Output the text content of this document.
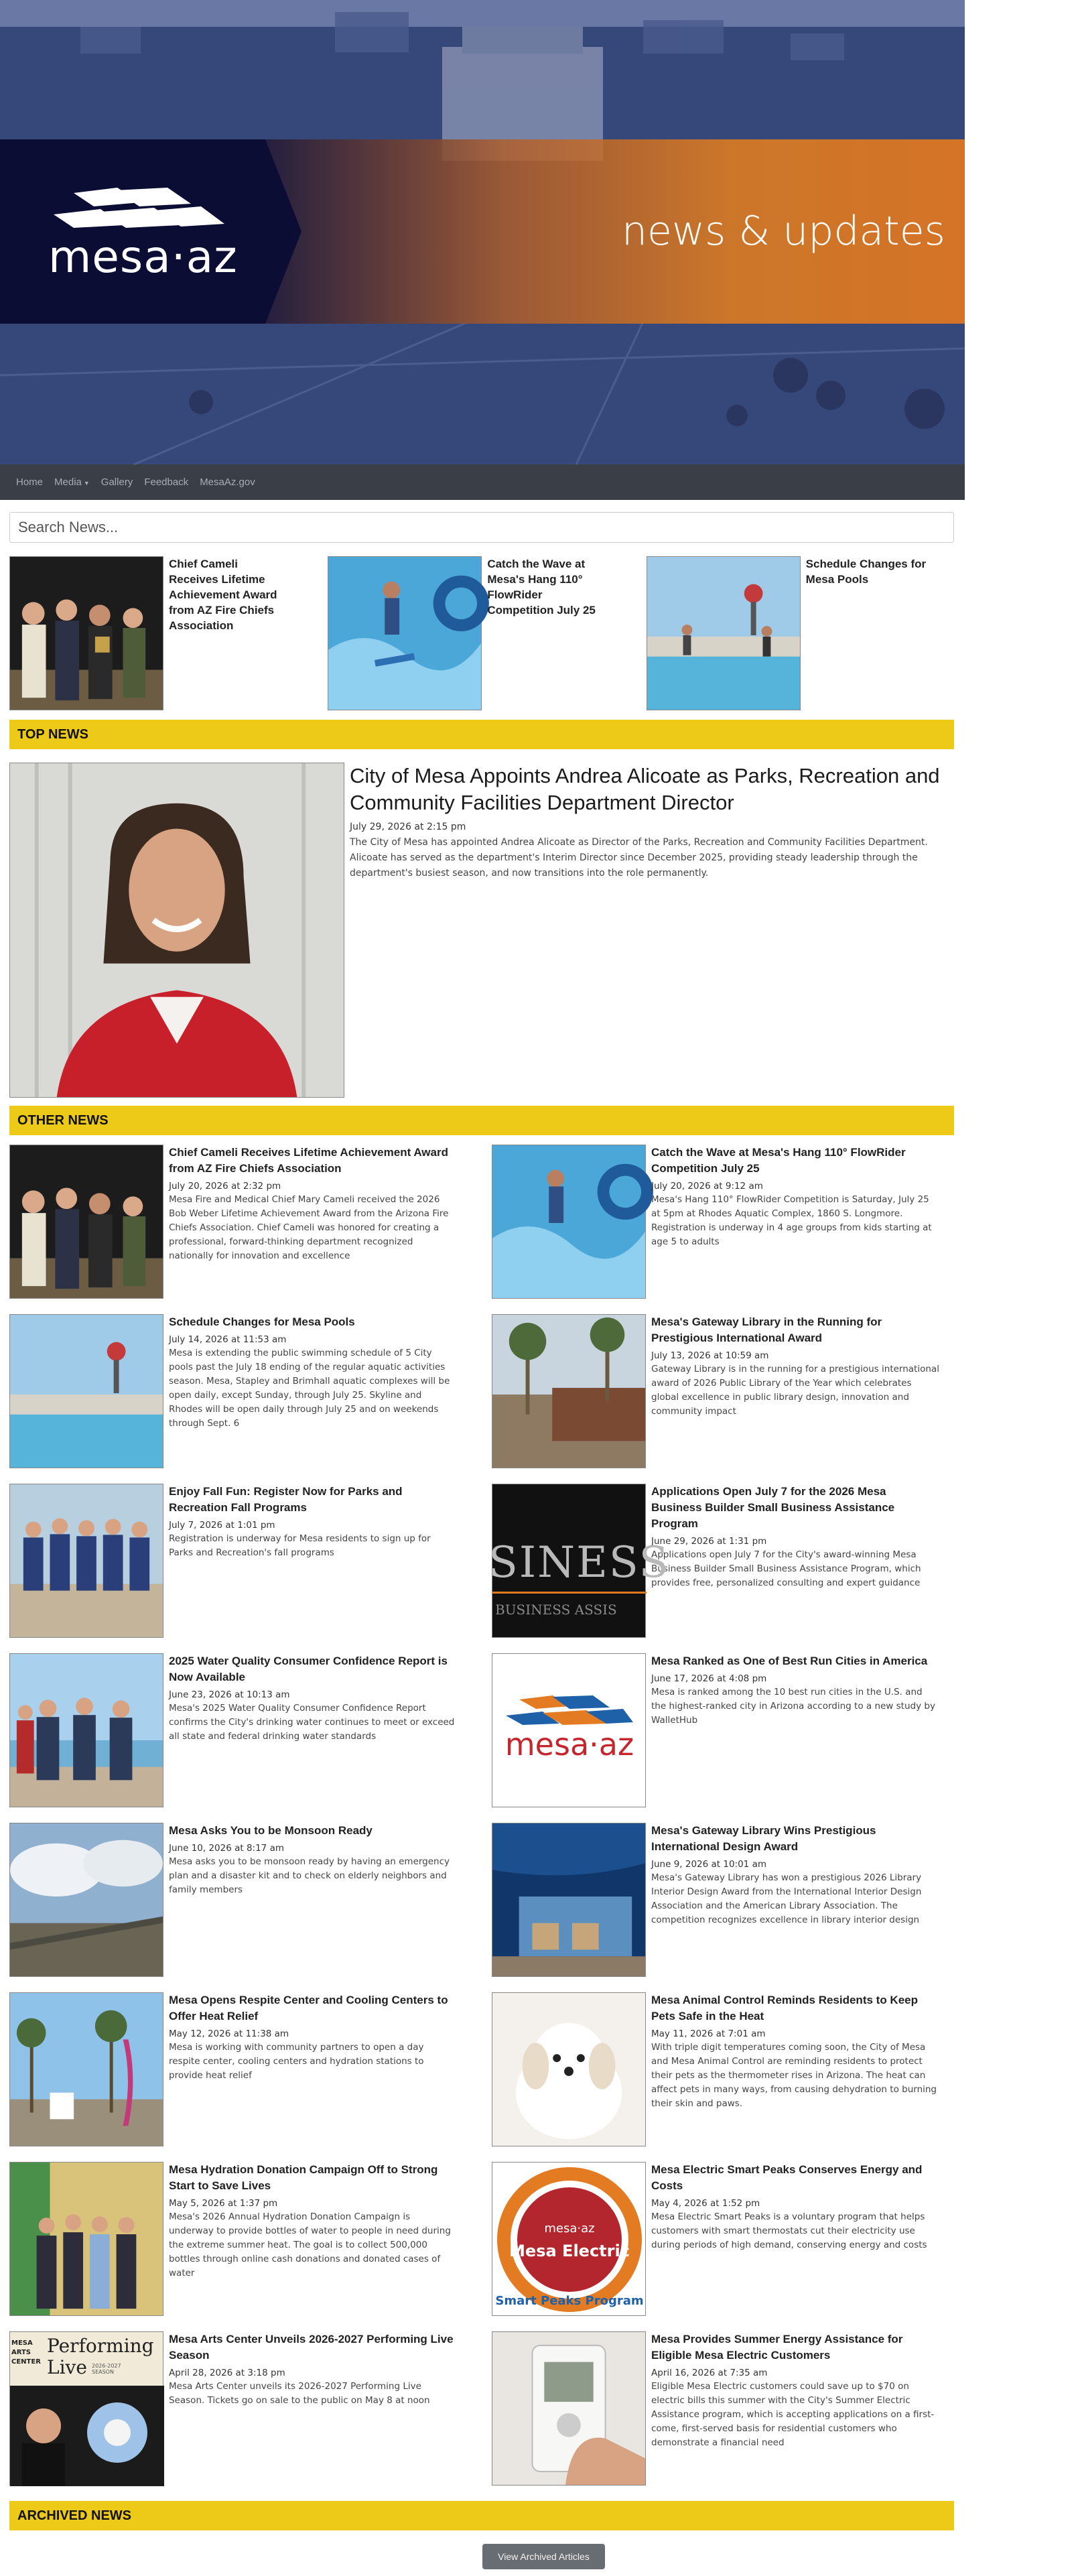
mesa·az	news & updates
Home Media ▼ Gallery Feedback MesaAz.gov
Search News...
Chief Cameli Receives Lifetime Achievement Award from AZ Fire Chiefs Association
Catch the Wave at Mesa's Hang 110° FlowRider Competition July 25
Schedule Changes for Mesa Pools
TOP NEWS
City of Mesa Appoints Andrea Alicoate as Parks, Recreation and Community Facilities Department Director
July 29, 2026 at 2:15 pm
The City of Mesa has appointed Andrea Alicoate as Director of the Parks, Recreation and Community Facilities Department. Alicoate has served as the department's Interim Director since December 2025, providing steady leadership through the department's busiest season, and now transitions into the role permanently.
OTHER NEWS
Chief Cameli Receives Lifetime Achievement Award from AZ Fire Chiefs Association
July 20, 2026 at 2:32 pm
Mesa Fire and Medical Chief Mary Cameli received the 2026 Bob Weber Lifetime Achievement Award from the Arizona Fire Chiefs Association. Chief Cameli was honored for creating a professional, forward-thinking department recognized nationally for innovation and excellence
Catch the Wave at Mesa's Hang 110° FlowRider Competition July 25
July 20, 2026 at 9:12 am
Mesa's Hang 110° FlowRider Competition is Saturday, July 25 at 5pm at Rhodes Aquatic Complex, 1860 S. Longmore. Registration is underway in 4 age groups from kids starting at age 5 to adults
Schedule Changes for Mesa Pools
July 14, 2026 at 11:53 am
Mesa is extending the public swimming schedule of 5 City pools past the July 18 ending of the regular aquatic activities season. Mesa, Stapley and Brimhall aquatic complexes will be open daily, except Sunday, through July 25. Skyline and Rhodes will be open daily through July 25 and on weekends through Sept. 6
Mesa's Gateway Library in the Running for Prestigious International Award
July 13, 2026 at 10:59 am
Gateway Library is in the running for a prestigious international award of 2026 Public Library of the Year which celebrates global excellence in public library design, innovation and community impact
Enjoy Fall Fun: Register Now for Parks and Recreation Fall Programs
July 7, 2026 at 1:01 pm
Registration is underway for Mesa residents to sign up for Parks and Recreation's fall programs	SINESS
BUSINESS ASSIS
Applications Open July 7 for the 2026 Mesa Business Builder Small Business Assistance Program
June 29, 2026 at 1:31 pm
Applications open July 7 for the City's award-winning Mesa Business Builder Small Business Assistance Program, which provides free, personalized consulting and expert guidance
2025 Water Quality Consumer Confidence Report is Now Available
June 23, 2026 at 10:13 am
Mesa's 2025 Water Quality Consumer Confidence Report confirms the City's drinking water continues to meet or exceed all state and federal drinking water standards	mesa·az
Mesa Ranked as One of Best Run Cities in America
June 17, 2026 at 4:08 pm
Mesa is ranked among the 10 best run cities in the U.S. and the highest-ranked city in Arizona according to a new study by WalletHub
Mesa Asks You to be Monsoon Ready
June 10, 2026 at 8:17 am
Mesa asks you to be monsoon ready by having an emergency plan and a disaster kit and to check on elderly neighbors and family members
Mesa's Gateway Library Wins Prestigious International Design Award
June 9, 2026 at 10:01 am
Mesa's Gateway Library has won a prestigious 2026 Library Interior Design Award from the International Interior Design Association and the American Library Association. The competition recognizes excellence in library interior design
Mesa Opens Respite Center and Cooling Centers to Offer Heat Relief
May 12, 2026 at 11:38 am
Mesa is working with community partners to open a day respite center, cooling centers and hydration stations to provide heat relief
Mesa Animal Control Reminds Residents to Keep Pets Safe in the Heat
May 11, 2026 at 7:01 am
With triple digit temperatures coming soon, the City of Mesa and Mesa Animal Control are reminding residents to protect their pets as the thermometer rises in Arizona. The heat can affect pets in many ways, from causing dehydration to burning their skin and paws.
Mesa Hydration Donation Campaign Off to Strong Start to Save Lives
May 5, 2026 at 1:37 pm
Mesa's 2026 Annual Hydration Donation Campaign is underway to provide bottles of water to people in need during the extreme summer heat. The goal is to collect 500,000 bottles through online cash donations and donated cases of water
mesa·az
Mesa Electric
Smart Peaks Program
Mesa Electric Smart Peaks Conserves Energy and Costs
May 4, 2026 at 1:52 pm
Mesa Electric Smart Peaks is a voluntary program that helps customers with smart thermostats cut their electricity use during periods of high demand, conserving energy and costs
MESA ARTS CENTER
Performing
Live 2026-2027 SEASON
Mesa Arts Center Unveils 2026-2027 Performing Live Season
April 28, 2026 at 3:18 pm
Mesa Arts Center unveils its 2026-2027 Performing Live Season. Tickets go on sale to the public on May 8 at noon
Mesa Provides Summer Energy Assistance for Eligible Mesa Electric Customers
April 16, 2026 at 7:35 am
Eligible Mesa Electric customers could save up to $70 on electric bills this summer with the City's Summer Electric Assistance program, which is accepting applications on a first-come, first-served basis for residential customers who demonstrate a financial need
ARCHIVED NEWS
View Archived Articles
